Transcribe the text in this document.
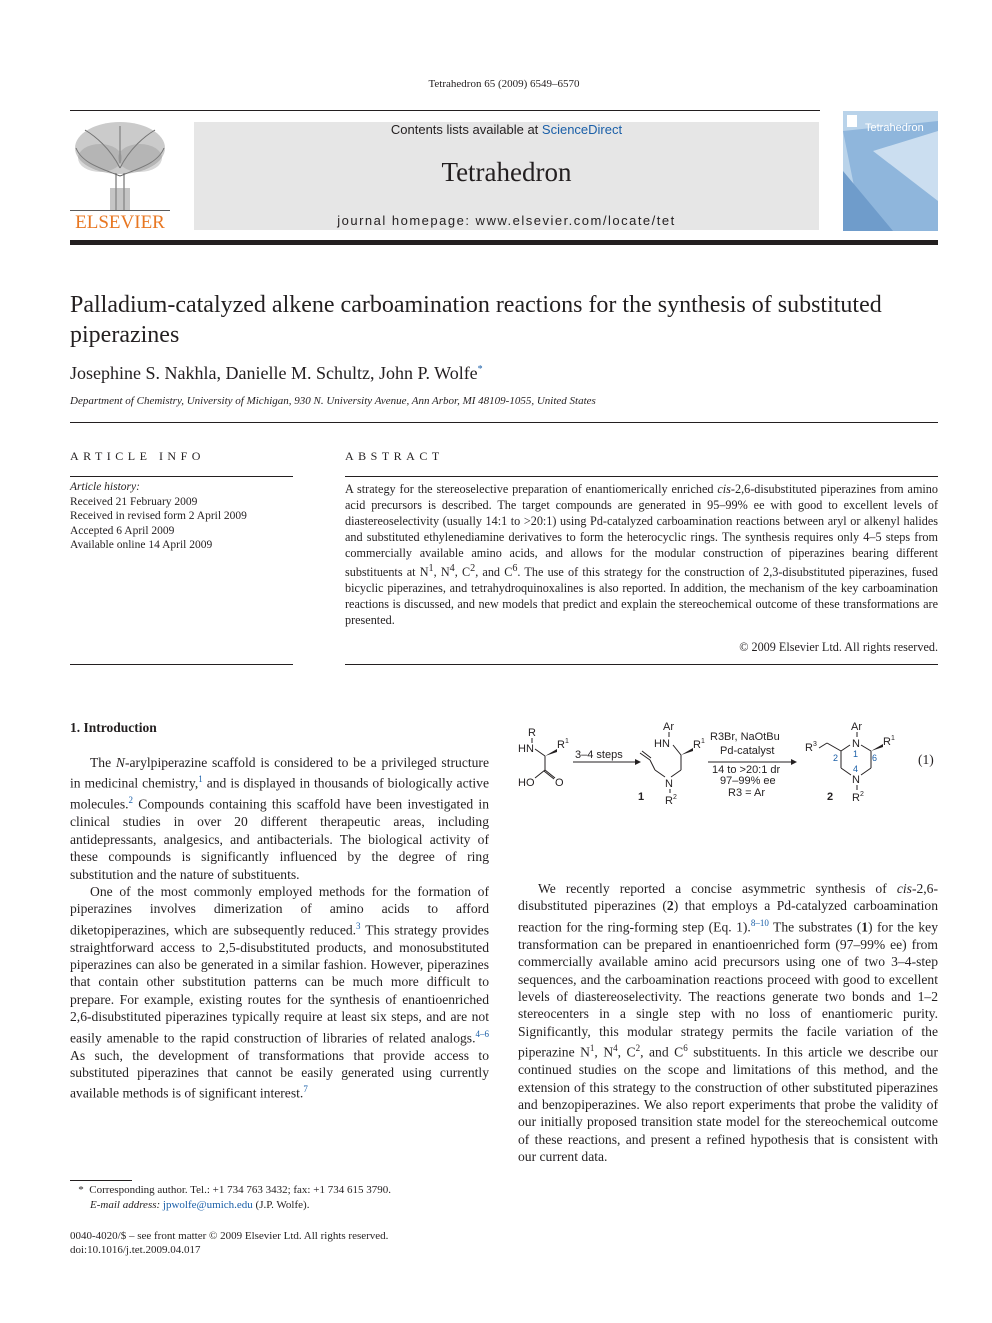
Tetrahedron 65 (2009) 6549–6570
ELSEVIER
Contents lists available at ScienceDirect
Tetrahedron
journal homepage: www.elsevier.com/locate/tet
Tetrahedron
Palladium-catalyzed alkene carboamination reactions for the synthesis of substituted piperazines
Josephine S. Nakhla, Danielle M. Schultz, John P. Wolfe*
Department of Chemistry, University of Michigan, 930 N. University Avenue, Ann Arbor, MI 48109-1055, United States
ARTICLE INFO	ABSTRACT
Article history:
Received 21 February 2009
Received in revised form 2 April 2009
Accepted 6 April 2009
Available online 14 April 2009
A strategy for the stereoselective preparation of enantiomerically enriched cis-2,6-disubstituted piperazines from amino acid precursors is described. The target compounds are generated in 95–99% ee with good to excellent levels of diastereoselectivity (usually 14:1 to >20:1) using Pd-catalyzed carboamination reactions between aryl or alkenyl halides and substituted ethylenediamine derivatives to form the heterocyclic rings. The synthesis requires only 4–5 steps from commercially available amino acids, and allows for the modular construction of piperazines bearing different substituents at $N^1$, $N^4$, $C^2$, and $C^6$. The use of this strategy for the construction of 2,3-disubstituted piperazines, fused bicyclic piperazines, and tetrahydroquinoxalines is also reported. In addition, the mechanism of the key carboamination reactions is discussed, and new models that predict and explain the stereochemical outcome of these transformations are presented.
© 2009 Elsevier Ltd. All rights reserved.
1. Introduction

The N-arylpiperazine scaffold is considered to be a privileged structure in medicinal chemistry,$^1$ and is displayed in thousands of biologically active molecules.$^2$ Compounds containing this scaffold have been investigated in clinical studies in over 20 different therapeutic areas, including antidepressants, analgesics, and antibacterials. The biological activity of these compounds is significantly influenced by the degree of ring substitution and the nature of substituents.

One of the most commonly employed methods for the formation of piperazines involves dimerization of amino acids to afford diketopiperazines, which are subsequently reduced.$^3$ This strategy provides straightforward access to 2,5-disubstituted products, and monosubstituted piperazines can also be generated in a similar fashion. However, piperazines that contain other substitution patterns can be much more difficult to prepare. For example, existing routes for the synthesis of enantioenriched 2,6-disubstituted piperazines typically require at least six steps, and are not easily amenable to the rapid construction of libraries of related analogs.$^{4-6}$ As such, the development of transformations that provide access to substituted piperazines that cannot be easily generated using currently available methods is of significant interest.$^7$

R
HN R 1
HO O
3–4 steps
Ar
HN R 1
N
R 2
1
R3Br, NaOtBu
Pd-catalyst
14 to >20:1 dr
97–99% ee
R3 = Ar
Ar
N
1
R 1
6
4
N
2
R 3
R 2
2
(1)

We recently reported a concise asymmetric synthesis of cis-2,6-disubstituted piperazines (2) that employs a Pd-catalyzed carboamination reaction for the ring-forming step (Eq. 1).$^{8-10}$ The substrates (1) for the key transformation can be prepared in enantioenriched form (97–99% ee) from commercially available amino acid precursors using one of two 3–4-step sequences, and the carboamination reactions proceed with good to excellent levels of diastereoselectivity. The reactions generate two bonds and 1–2 stereocenters in a single step with no loss of enantiomeric purity. Significantly, this modular strategy permits the facile variation of the piperazine $N^1$, $N^4$, $C^2$, and $C^6$ substituents. In this article we describe our continued studies on the scope and limitations of this method, and the extension of this strategy to the construction of other substituted piperazines and benzopiperazines. We also report experiments that probe the validity of our initially proposed transition state model for the stereochemical outcome of these reactions, and present a refined hypothesis that is consistent with our current data.

*  Corresponding author. Tel.: +1 734 763 3432; fax: +1 734 615 3790.
E-mail address: jpwolfe@umich.edu (J.P. Wolfe).
0040-4020/$ – see front matter © 2009 Elsevier Ltd. All rights reserved.
doi:10.1016/j.tet.2009.04.017
